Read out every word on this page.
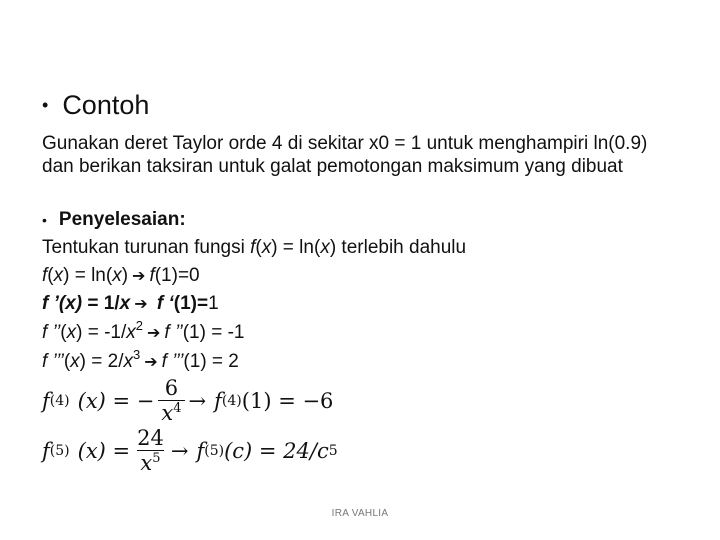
• Contoh
Gunakan deret Taylor orde 4 di sekitar x0 = 1 untuk menghampiri ln(0.9) dan berikan taksiran untuk galat pemotongan maksimum yang dibuat
• Penyelesaian:
Tentukan turunan fungsi f(x) = ln(x) terlebih dahulu
f(x) = ln(x) ➔ f(1)=0
f ’(x) = 1/x ➔ f ‘(1)=1
f ’’(x) = $-1/x^2$ ➔ f ’’(1) = -1
f ’’’(x) = $2/x^3$ ➔ f ’’’(1) = 2
f (4) (x) = − $\frac{6}{x^4} \to f$ (4) (1) = −6
f (5) $(x) = \frac{24}{x^5} \to f$ (5) (c) = 24/c 5
IRA VAHLIA
